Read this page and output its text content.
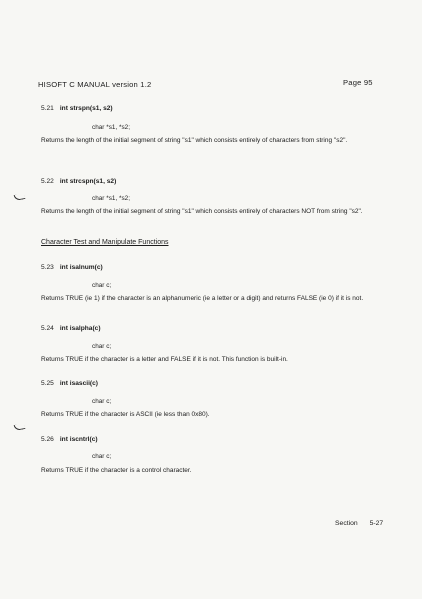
HISOFT C MANUAL version 1.2	Page 95
5.21 int strspn(s1, s2)
char *s1, *s2;
Returns the length of the initial segment of string "s1" which consists entirely of characters from string "s2".
5.22 int strcspn(s1, s2)
char *s1, *s2;
Returns the length of the initial segment of string "s1" which consists entirely of characters NOT from string "s2".
Character Test and Manipulate Functions
5.23 int isalnum(c)
char c;
Returns TRUE (ie 1) if the character is an alphanumeric (ie a letter or a digit) and returns FALSE (ie 0) if it is not.
5.24 int isalpha(c)
char c;
Returns TRUE if the character is a letter and FALSE if it is not. This function is built-in.
5.25 int isascii(c)
char c;
Returns TRUE if the character is ASCII (ie less than 0x80).
5.26 int iscntrl(c)
char c;
Returns TRUE if the character is a control character.
Section 5-27
